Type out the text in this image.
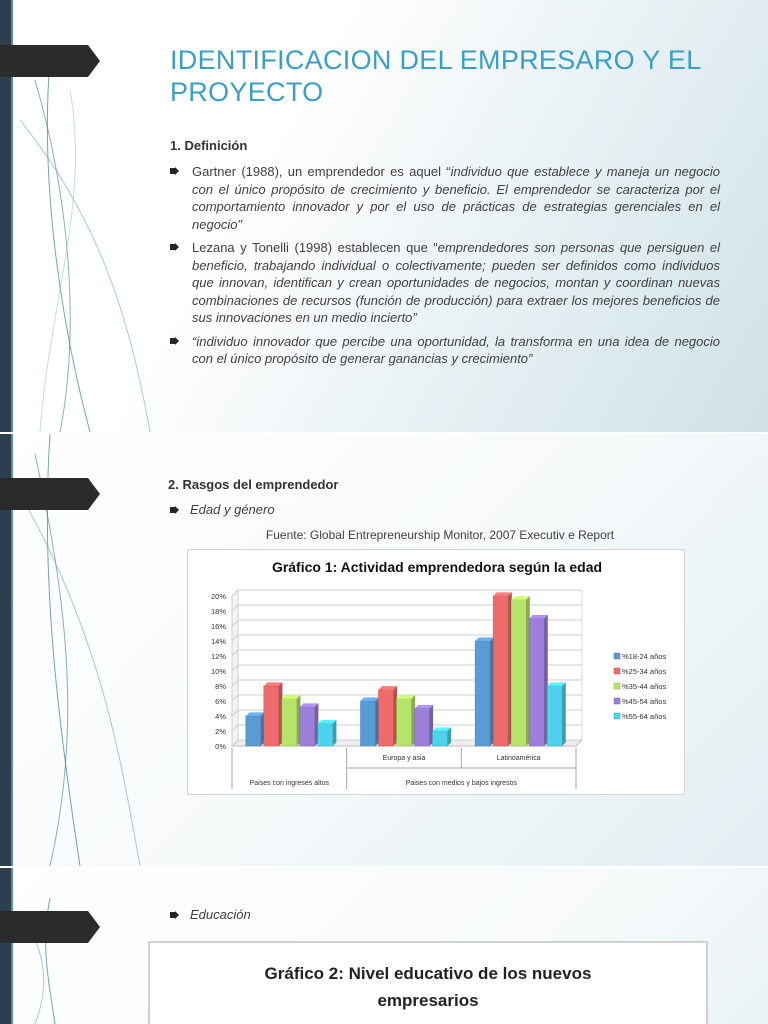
IDENTIFICACION DEL EMPRESARO Y EL PROYECTO
1. Definición
Gartner (1988), un emprendedor es aquel “individuo que establece y maneja un negocio con el único propósito de crecimiento y beneficio. El emprendedor se caracteriza por el comportamiento innovador y por el uso de prácticas de estrategias gerenciales en el negocio”
Lezana y Tonelli (1998) establecen que “emprendedores son personas que persiguen el beneficio, trabajando individual o colectivamente; pueden ser definidos como individuos que innovan, identifican y crean oportunidades de negocios, montan y coordinan nuevas combinaciones de recursos (función de producción) para extraer los mejores beneficios de sus innovaciones en un medio incierto”
“individuo innovador que percibe una oportunidad, la transforma en una idea de negocio con el único propósito de generar ganancias y crecimiento”
2. Rasgos del emprendedor
Edad y género
Fuente: Global Entrepreneurship Monitor, 2007 Executiv e Report
Gráfico 1: Actividad emprendedora según la edad
0%
2%
4%
6%
8%
10%
12%
14%
16%
18%
20%
Paises con ingreses altos
Europa y asia	Latinoamérica
Paises con medios y bajos ingresos
%18-24 años
%25-34 años
%35-44 años
%45-54 años
%55-64 años
Educación
Gráfico 2: Nivel educativo de los nuevos empresarios
